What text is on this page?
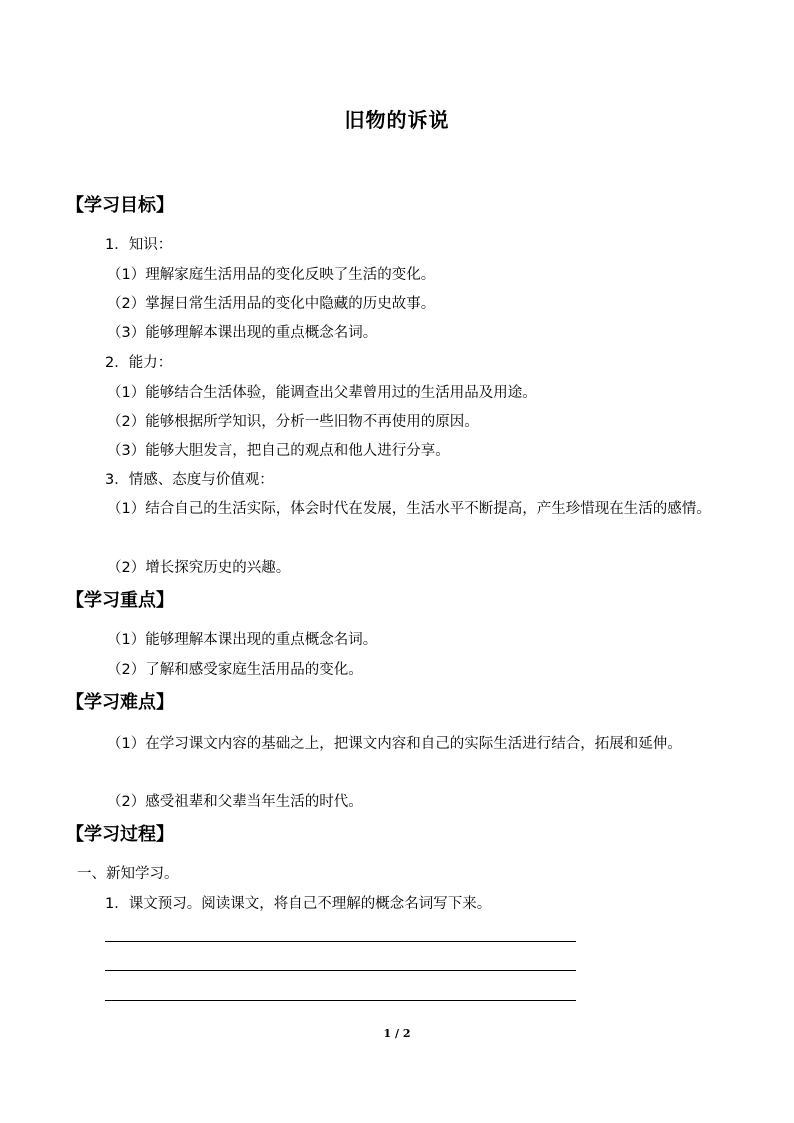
旧物的诉说
【学习目标】
1．知识：
（1）理解家庭生活用品的变化反映了生活的变化。
（2）掌握日常生活用品的变化中隐藏的历史故事。
（3）能够理解本课出现的重点概念名词。
2．能力：
（1）能够结合生活体验，能调查出父辈曾用过的生活用品及用途。
（2）能够根据所学知识，分析一些旧物不再使用的原因。
（3）能够大胆发言，把自己的观点和他人进行分享。
3．情感、态度与价值观：
（1）结合自己的生活实际，体会时代在发展，生活水平不断提高，产生珍惜现在生活的感情。
（2）增长探究历史的兴趣。
【学习重点】
（1）能够理解本课出现的重点概念名词。
（2）了解和感受家庭生活用品的变化。
【学习难点】
（1）在学习课文内容的基础之上，把课文内容和自己的实际生活进行结合，拓展和延伸。
（2）感受祖辈和父辈当年生活的时代。
【学习过程】
一、新知学习。
1．课文预习。阅读课文，将自己不理解的概念名词写下来。
1 / 2
